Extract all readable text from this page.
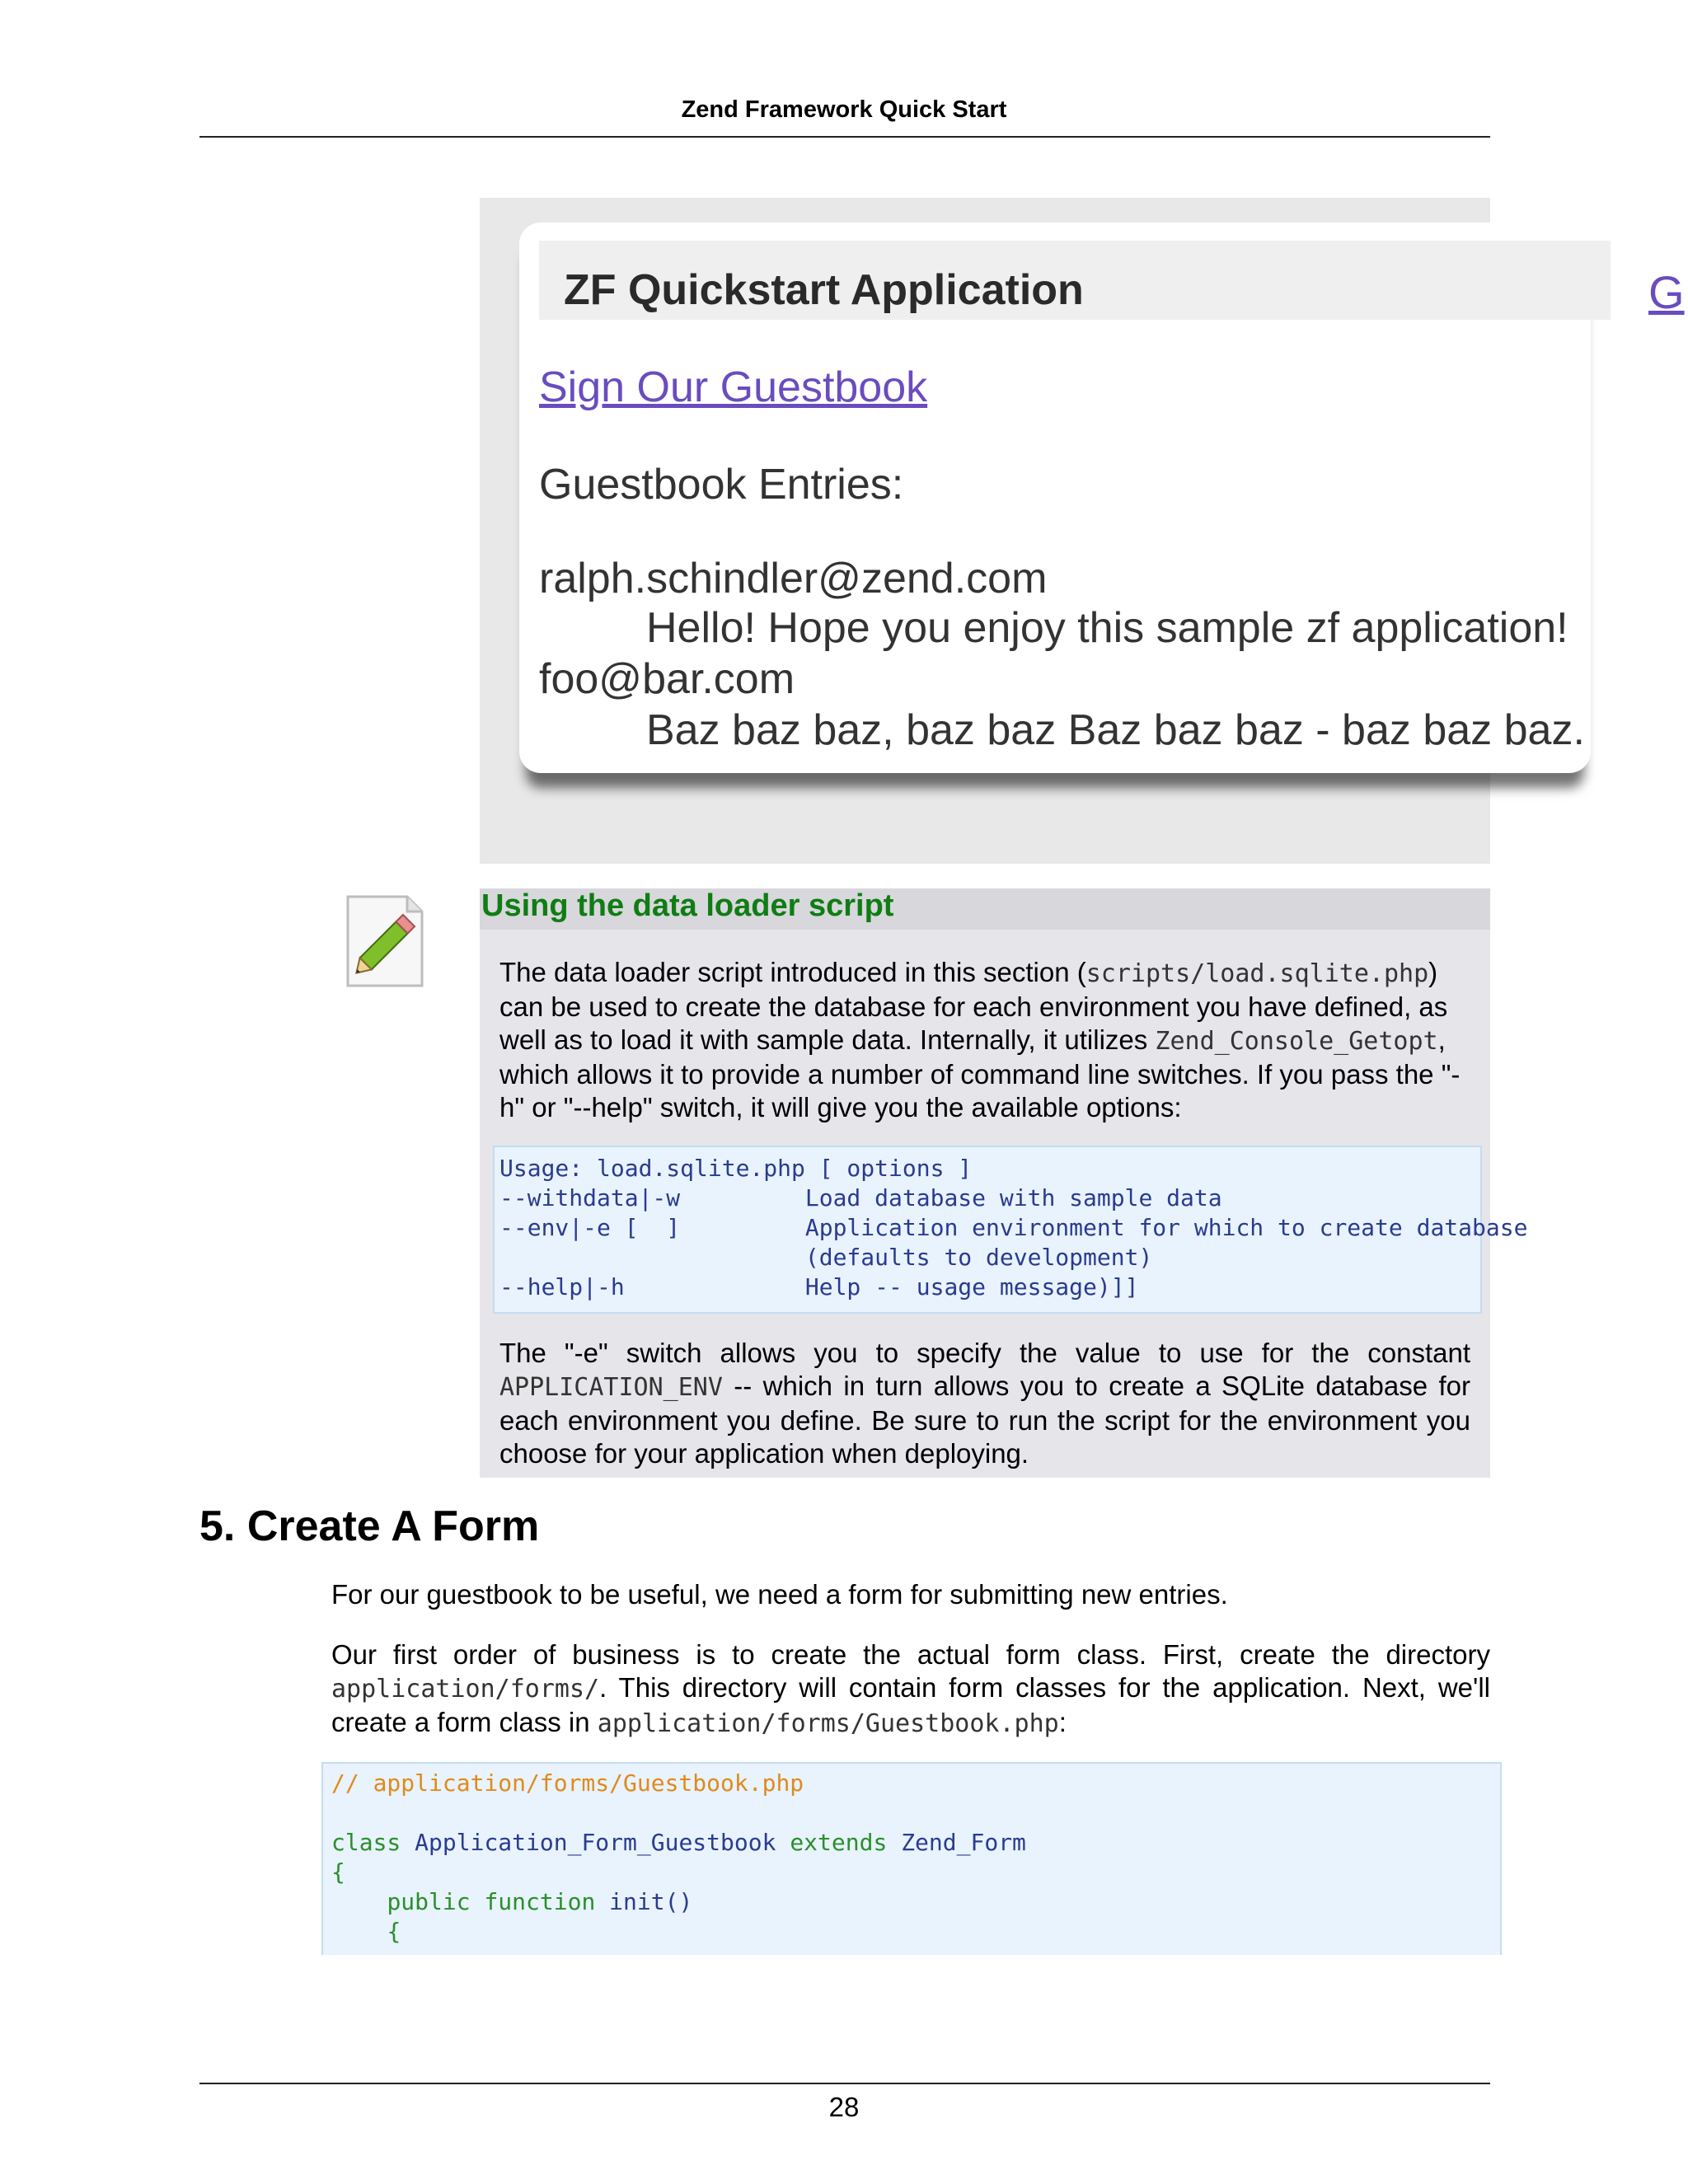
Zend Framework Quick Start
ZF Quickstart Application	G
Sign Our Guestbook
Guestbook Entries:
ralph.schindler@zend.com
Hello! Hope you enjoy this sample zf application!
foo@bar.com
Baz baz baz, baz baz Baz baz baz - baz baz baz.
Using the data loader script
The data loader script introduced in this section (scripts/load.sqlite.php) can be used to create the database for each environment you have defined, as well as to load it with sample data. Internally, it utilizes Zend_Console_Getopt, which allows it to provide a number of command line switches. If you pass the "-h" or "--help" switch, it will give you the available options:
Usage: load.sqlite.php [ options ]
--withdata|-w         Load database with sample data
--env|-e [  ]         Application environment for which to create database
(defaults to development)
--help|-h             Help -- usage message)]]
The "-e" switch allows you to specify the value to use for the constant APPLICATION_ENV -- which in turn allows you to create a SQLite database for each environment you define. Be sure to run the script for the environment you choose for your application when deploying.
5. Create A Form
For our guestbook to be useful, we need a form for submitting new entries.
Our first order of business is to create the actual form class. First, create the directory application/forms/. This directory will contain form classes for the application. Next, we'll create a form class in application/forms/Guestbook.php:
// application/forms/Guestbook.php

class Application_Form_Guestbook extends Zend_Form
{
public function init()
{
28
